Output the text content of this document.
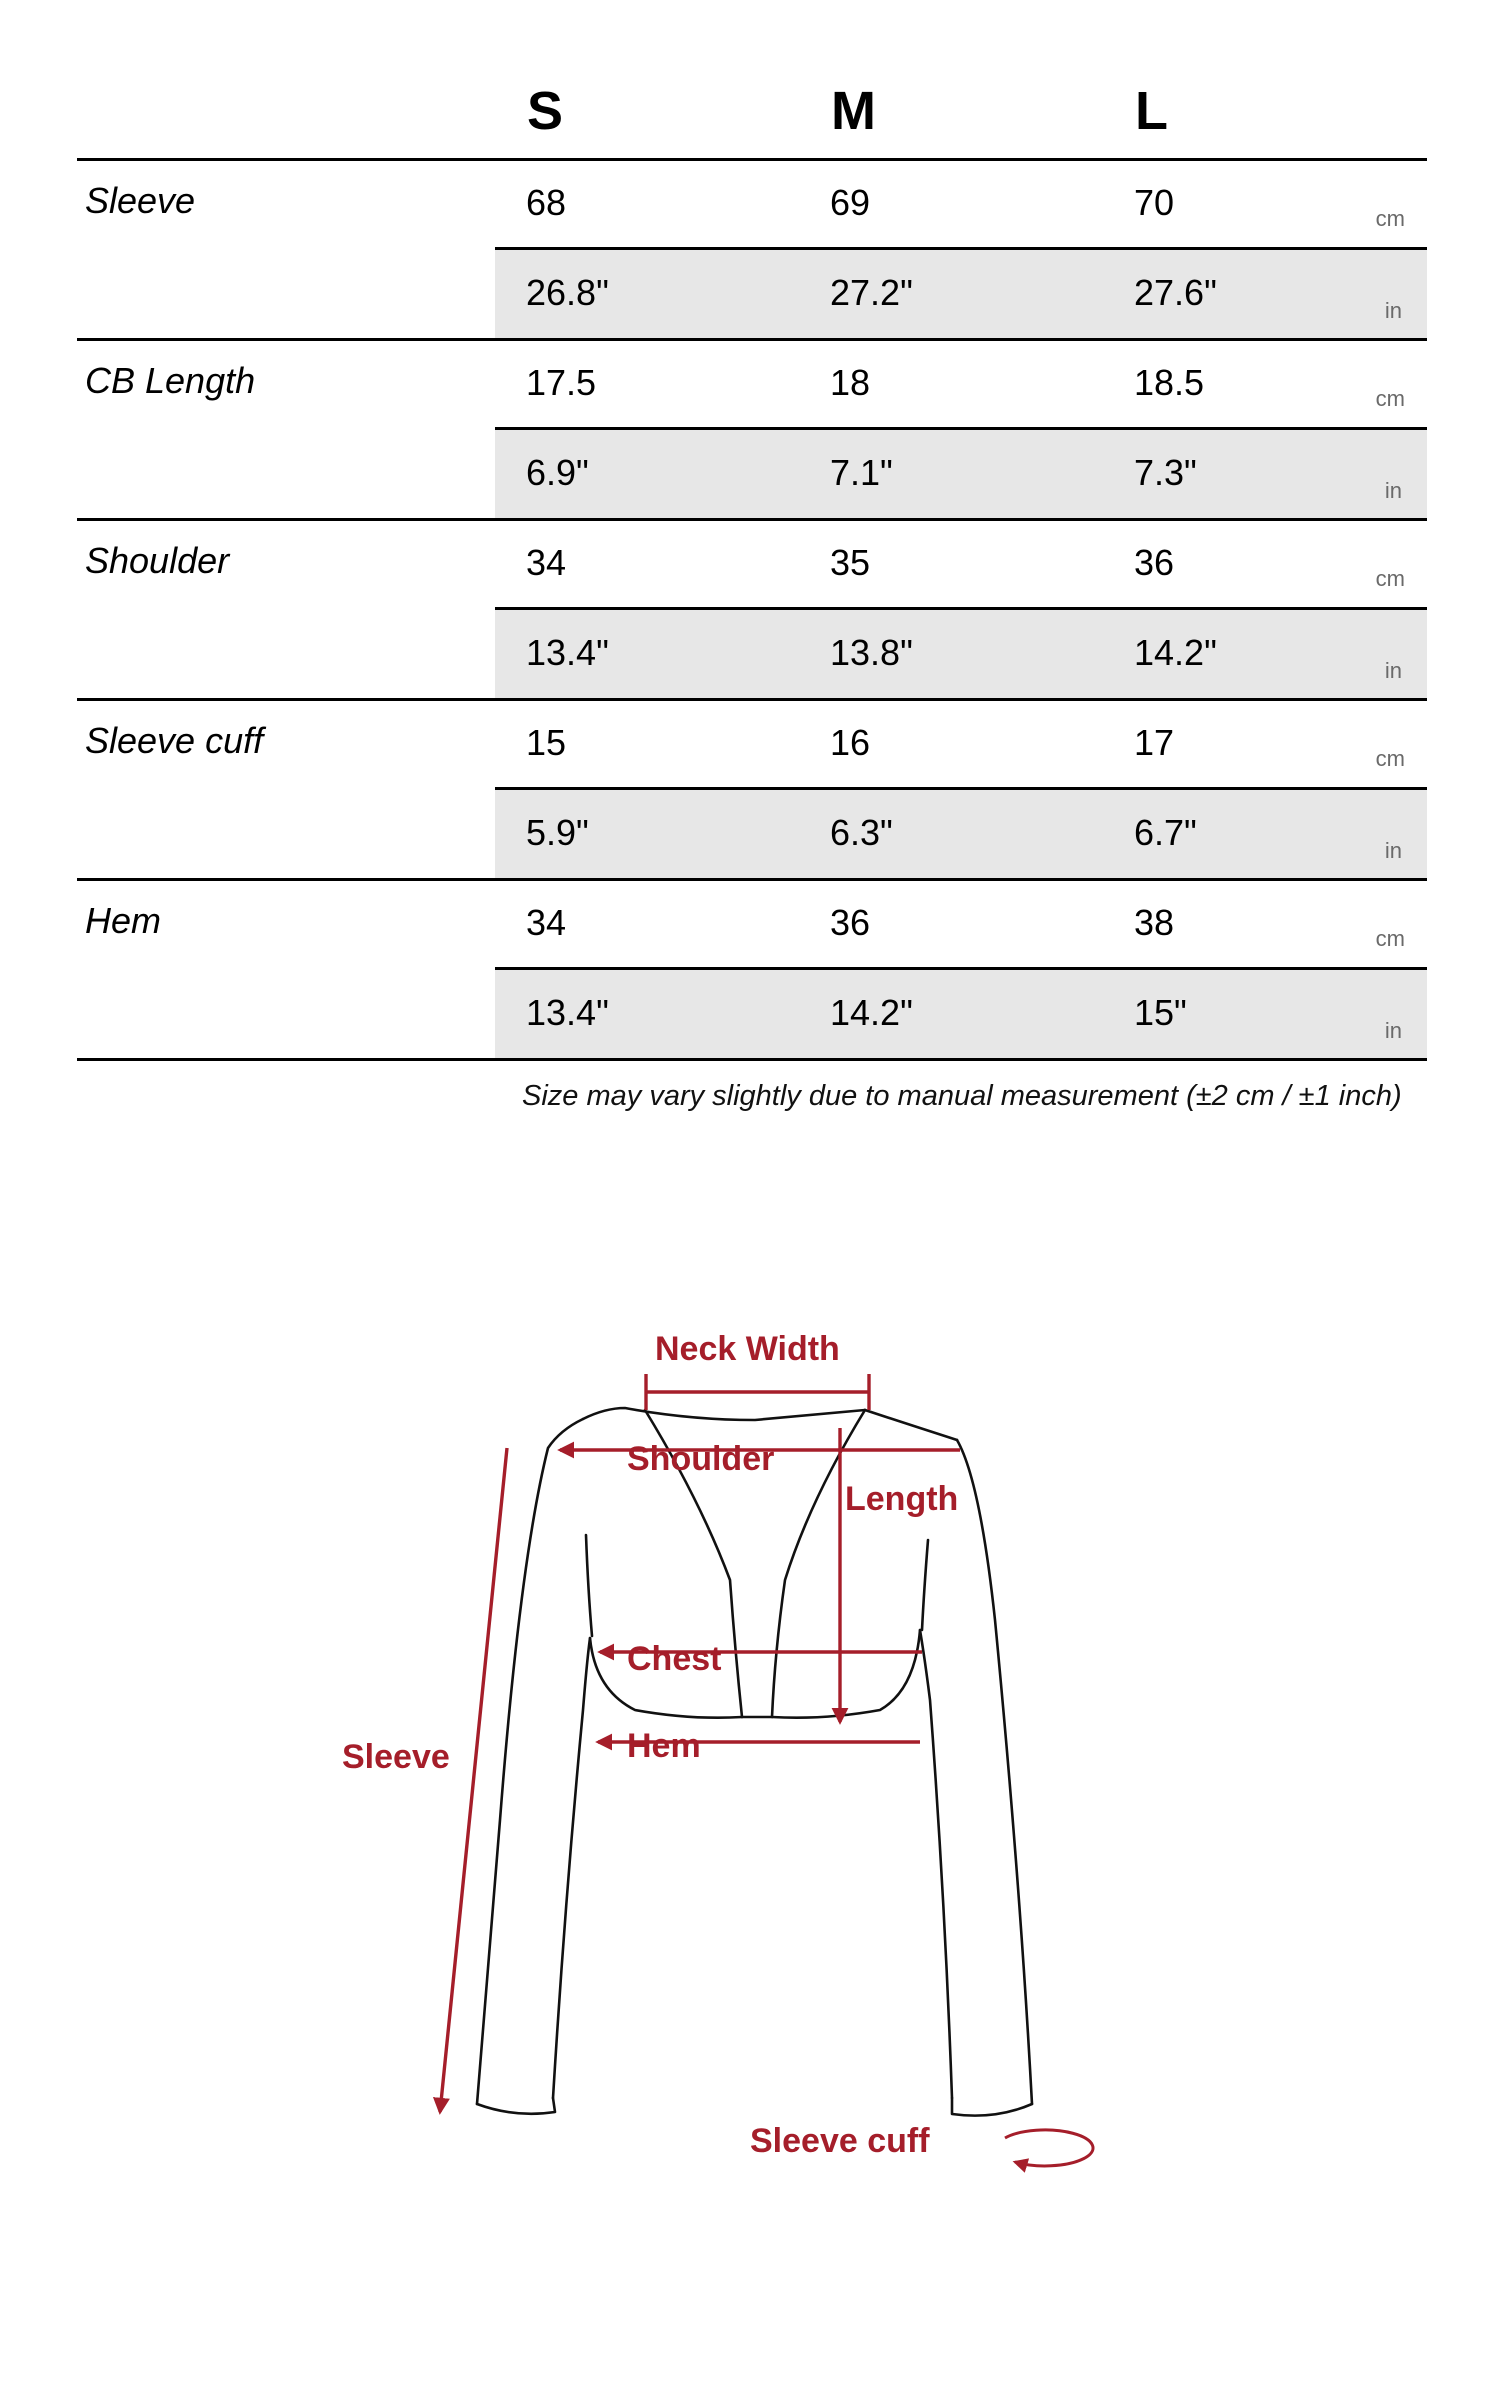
S	M	L
Sleeve	68	69	70	cm
26.8"	27.2"	27.6"	in
CB Length	17.5	18	18.5	cm
6.9"	7.1"	7.3"	in
Shoulder	34	35	36	cm
13.4"	13.8"	14.2"	in
Sleeve cuff	15	16	17	cm
5.9"	6.3"	6.7"	in
Hem	34	36	38	cm
13.4"	14.2"	15"	in
Size may vary slightly due to manual measurement (±2 cm / ±1 inch)
Neck Width
Shoulder
Length
Chest
Hem
Sleeve
Sleeve cuff
